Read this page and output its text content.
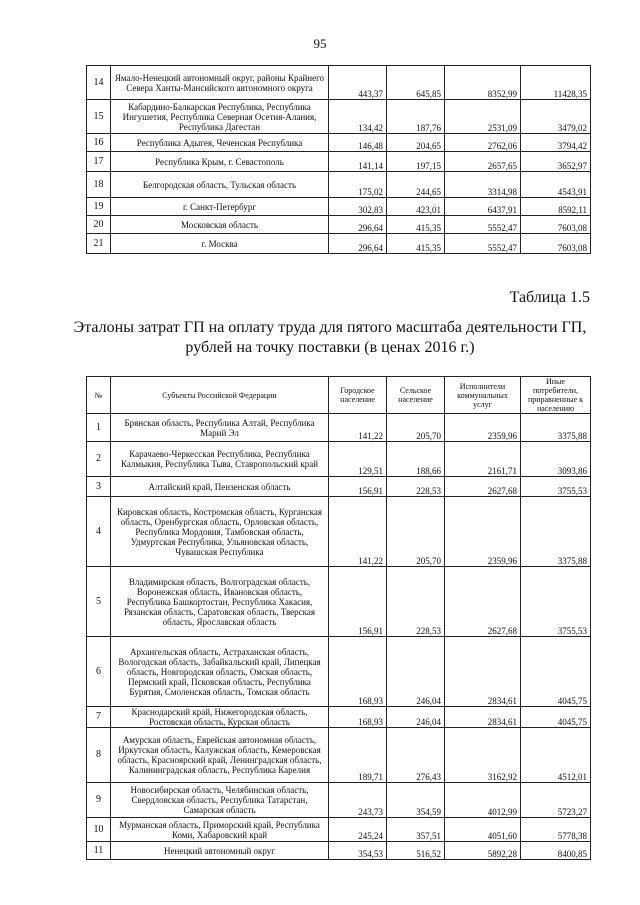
95
14	Ямало-Ненецкий автономный округ, районы Крайнего Севера Ханты-Мансийского автономного округа	443,37	645,85	8352,99	11428,35
15	Кабардино-Балкарская Республика, Республика Ингушетия, Республика Северная Осетия-Алания, Республика Дагестан	134,42	187,76	2531,09	3479,02
16	Республика Адыгея, Чеченская Республика	146,48	204,65	2762,06	3794,42
17	Республика Крым, г. Севастополь	141,14	197,15	2657,65	3652,97
18	Белгородская область, Тульская область	175,02	244,65	3314,98	4543,91
19	г. Санкт-Петербург	302,83	423,01	6437,91	8592,11
20	Московская область	296,64	415,35	5552,47	7603,08
21	г. Москва	296,64	415,35	5552,47	7603,08
Таблица 1.5
Эталоны затрат ГП на оплату труда для пятого масштаба деятельности ГП,
рублей на точку поставки (в ценах 2016 г.)
№	Субъекты Российской Федерации	Городское население	Сельское население	Исполнители коммунальных услуг	Иные потребители, приравненные к населению
1	Брянская область, Республика Алтай, Республика Марий Эл	141,22	205,70	2359,96	3375,88
2	Карачаево-Черкесская Республика, Республика Калмыкия, Республика Тыва, Ставропольский край	129,51	188,66	2161,71	3093,86
3	Алтайский край, Пензенская область	156,91	228,53	2627,68	3755,53
4	Кировская область, Костромская область, Курганская область, Оренбургская область, Орловская область, Республика Мордовия, Тамбовская область, Удмуртская Республика, Ульяновская область, Чувашская Республика	141,22	205,70	2359,96	3375,88
5	Владимирская область, Волгоградская область, Воронежская область, Ивановская область, Республика Башкортостан, Республика Хакасия, Рязанская область, Саратовская область, Тверская область, Ярославская область	156,91	228,53	2627,68	3755,53
6	Архангельская область, Астраханская область, Вологодская область, Забайкальский край, Липецкая область, Новгородская область, Омская область, Пермский край, Псковская область, Республика Бурятия, Смоленская область, Томская область	168,93	246,04	2834,61	4045,75
7	Краснодарский край, Нижегородская область, Ростовская область, Курская область	168,93	246,04	2834,61	4045,75
8	Амурская область, Еврейская автономная область, Иркутская область, Калужская область, Кемеровская область, Красноярский край, Ленинградская область, Калининградская область, Республика Карелия	189,71	276,43	3162,92	4512,01
9	Новосибирская область, Челябинская область, Свердловская область, Республика Татарстан, Самарская область	243,73	354,59	4012,99	5723,27
10	Мурманская область, Приморский край, Республика Коми, Хабаровский край	245,24	357,51	4051,60	5778,38
11	Ненецкий автономный округ	354,53	516,52	5892,28	8400,85
